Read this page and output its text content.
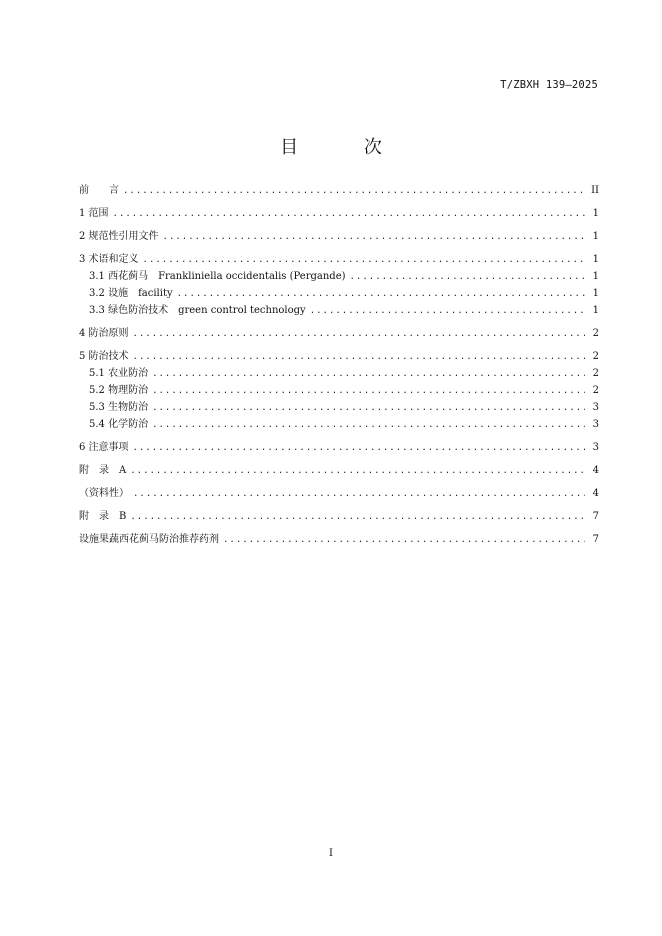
T/ZBXH 139—2025
目 次
前　　言 .....	II
1 范围 .....	1
2 规范性引用文件 .....	1
3 术语和定义 .....	1
3.1 西花蓟马　Frankliniella occidentalis (Pergande) .....	1
3.2 设施　facility .....	1
3.3 绿色防治技术　green control technology .....	1
4 防治原则 .....	2
5 防治技术 .....	2
5.1 农业防治 .....	2
5.2 物理防治 .....	2
5.3 生物防治 .....	3
5.4 化学防治 .....	3
6 注意事项 .....	3
附　录　A .....	4
（资料性） .....	4
附　录　B .....	7
设施果蔬西花蓟马防治推荐药剂 .....	7
I
